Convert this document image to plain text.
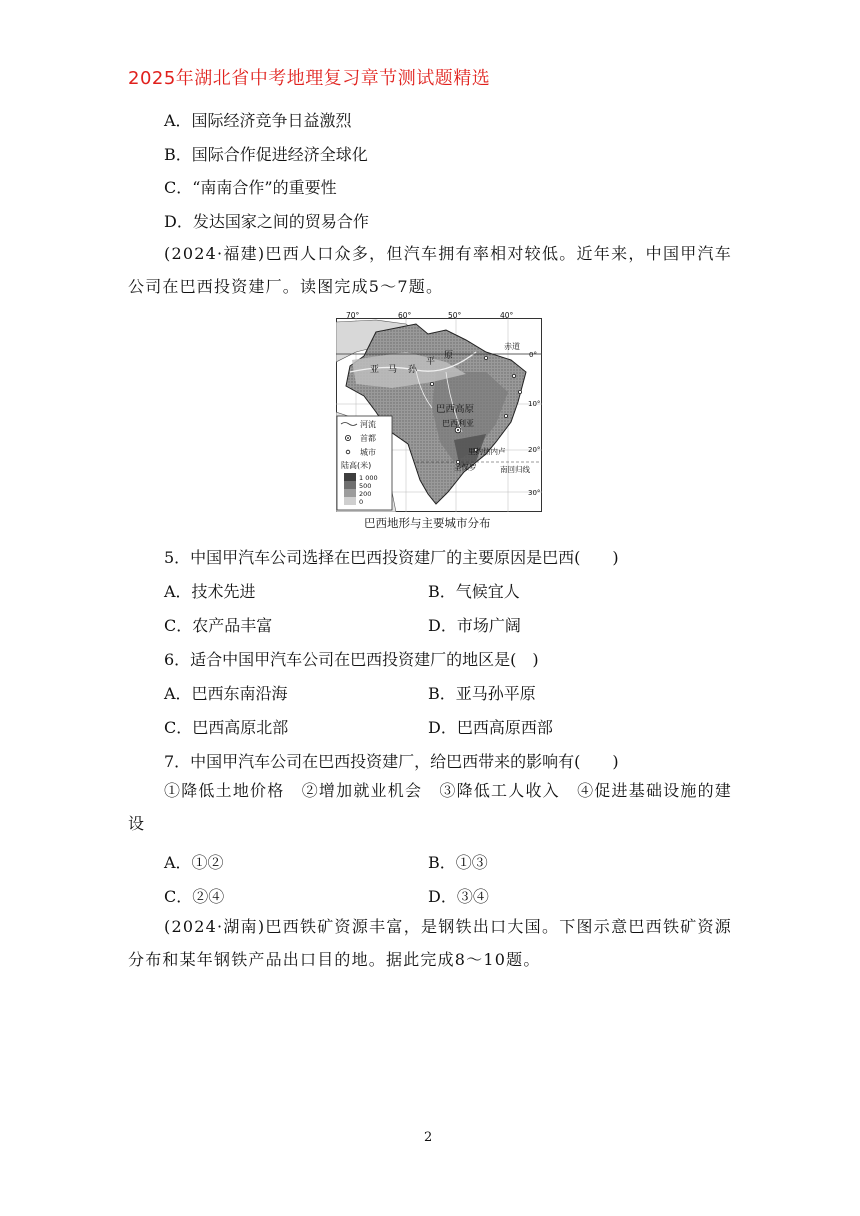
2025年湖北省中考地理复习章节测试题精选
A．国际经济竞争日益激烈
B．国际合作促进经济全球化
C．“南南合作”的重要性
D．发达国家之间的贸易合作
(2024·福建)巴西人口众多，但汽车拥有率相对较低。近年来，中国甲汽车公司在巴西投资建厂。读图完成5～7题。
70°	60°	50°	40°
0°
10°
20°
30°
赤道
南回归线
亚 马 孙
平
原
巴西高原
巴西利亚
里约热内卢
圣保罗
河流
首都
城市
陆高(米)
1 000
500
200
0
巴西地形与主要城市分布
5．中国甲汽车公司选择在巴西投资建厂的主要原因是巴西(　　)
A．技术先进	B．气候宜人
C．农产品丰富	D．市场广阔
6．适合中国甲汽车公司在巴西投资建厂的地区是(　)
A．巴西东南沿海	B．亚马孙平原
C．巴西高原北部	D．巴西高原西部
7．中国甲汽车公司在巴西投资建厂，给巴西带来的影响有(　　)
①降低土地价格　②增加就业机会　③降低工人收入　④促进基础设施的建设
A．①②	B．①③
C．②④	D．③④
(2024·湖南)巴西铁矿资源丰富，是钢铁出口大国。下图示意巴西铁矿资源分布和某年钢铁产品出口目的地。据此完成8～10题。
2
